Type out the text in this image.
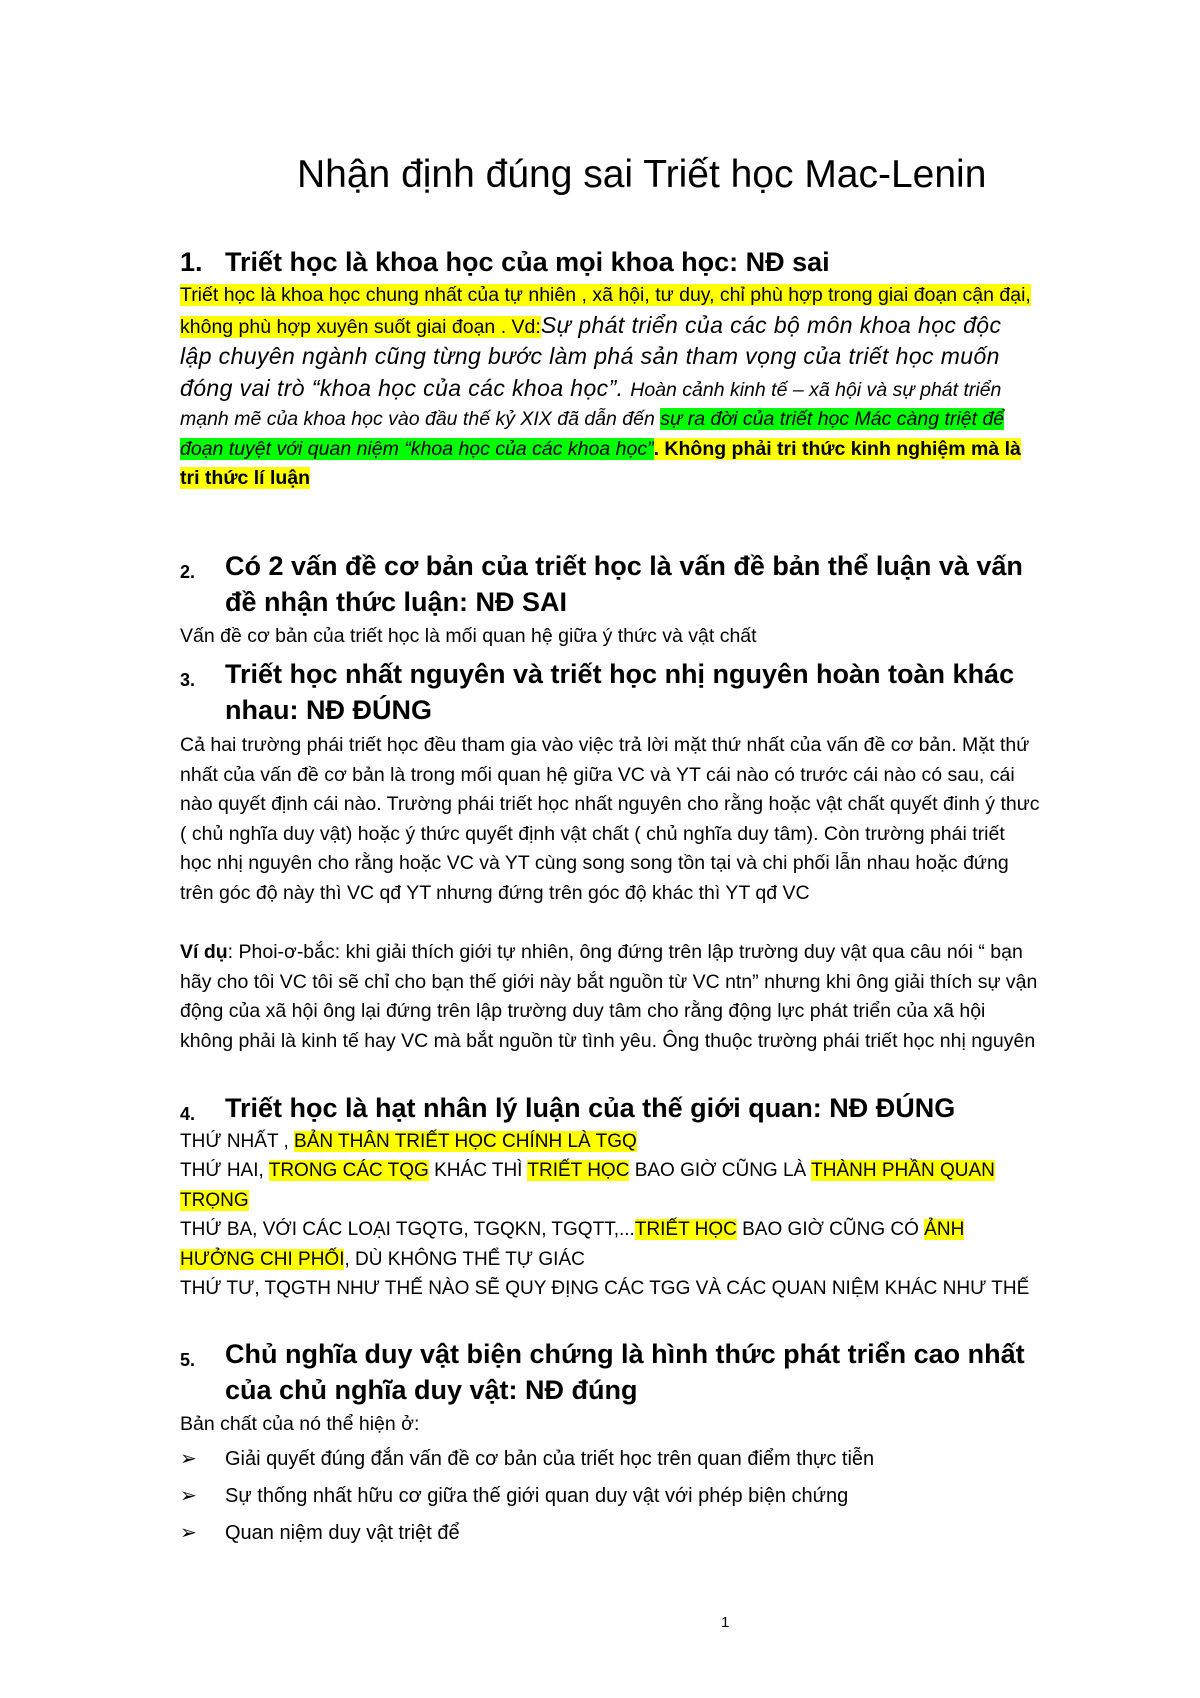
Nhận định đúng sai Triết học Mac-Lenin
1. Triết học là khoa học của mọi khoa học: NĐ sai

Triết học là khoa học chung nhất của tự nhiên , xã hội, tư duy, chỉ phù hợp trong giai đoạn cận đại, không phù hợp xuyên suốt giai đoạn . Vd:Sự phát triển của các bộ môn khoa học độc lập chuyên ngành cũng từng bước làm phá sản tham vọng của triết học muốn đóng vai trò “khoa học của các khoa học”. Hoàn cảnh kinh tế – xã hội và sự phát triển mạnh mẽ của khoa học vào đầu thế kỷ XIX đã dẫn đến sự ra đời của triết học Mác càng triệt để đoạn tuyệt với quan niệm “khoa học của các khoa học”. Không phải tri thức kinh nghiệm mà là tri thức lí luận

2.	Có 2 vấn đề cơ bản của triết học là vấn đề bản thể luận và vấn đề nhận thức luận: NĐ SAI

Vấn đề cơ bản của triết học là mối quan hệ giữa ý thức và vật chất

3.	Triết học nhất nguyên và triết học nhị nguyên hoàn toàn khác nhau: NĐ ĐÚNG

Cả hai trường phái triết học đều tham gia vào việc trả lời mặt thứ nhất của vấn đề cơ bản. Mặt thứ nhất của vấn đề cơ bản là trong mối quan hệ giữa VC và YT cái nào có trước cái nào có sau, cái nào quyết định cái nào. Trường phái triết học nhất nguyên cho rằng hoặc vật chất quyết đinh ý thưc ( chủ nghĩa duy vật) hoặc ý thức quyết định vật chất ( chủ nghĩa duy tâm). Còn trường phái triết học nhị nguyên cho rằng hoặc VC và YT cùng song song tồn tại và chi phối lẫn nhau hoặc đứng trên góc độ này thì VC qđ YT nhưng đứng trên góc độ khác thì YT qđ VC

Ví dụ: Phoi-ơ-bắc: khi giải thích giới tự nhiên, ông đứng trên lập trường duy vật qua câu nói “ bạn hãy cho tôi VC tôi sẽ chỉ cho bạn thế giới này bắt nguồn từ VC ntn” nhưng khi ông giải thích sự vận động của xã hội ông lại đứng trên lập trường duy tâm cho rằng động lực phát triển của xã hội không phải là kinh tế hay VC mà bắt nguồn từ tình yêu. Ông thuộc trường phái triết học nhị nguyên

4.	Triết học là hạt nhân lý luận của thế giới quan: NĐ ĐÚNG

THỨ NHẤT , BẢN THÂN TRIẾT HỌC CHÍNH LÀ TGQ

THỨ HAI, TRONG CÁC TQG KHÁC THÌ TRIẾT HỌC BAO GIỜ CŨNG LÀ THÀNH PHẦN QUAN TRỌNG

THỨ BA, VỚI CÁC LOẠI TGQTG, TGQKN, TGQTT,...TRIẾT HỌC BAO GIỜ CŨNG CÓ ẢNH HƯỞNG CHI PHỐI, DÙ KHÔNG THỂ TỰ GIÁC

THỨ TƯ, TQGTH NHƯ THẾ NÀO SẼ QUY ĐỊNG CÁC TGG VÀ CÁC QUAN NIỆM KHÁC NHƯ THẾ

5.	Chủ nghĩa duy vật biện chứng là hình thức phát triển cao nhất của chủ nghĩa duy vật: NĐ đúng

Bản chất của nó thể hiện ở:

➢ Giải quyết đúng đắn vấn đề cơ bản của triết học trên quan điểm thực tiễn
➢ Sự thống nhất hữu cơ giữa thế giới quan duy vật với phép biện chứng
➢ Quan niệm duy vật triệt để
1
